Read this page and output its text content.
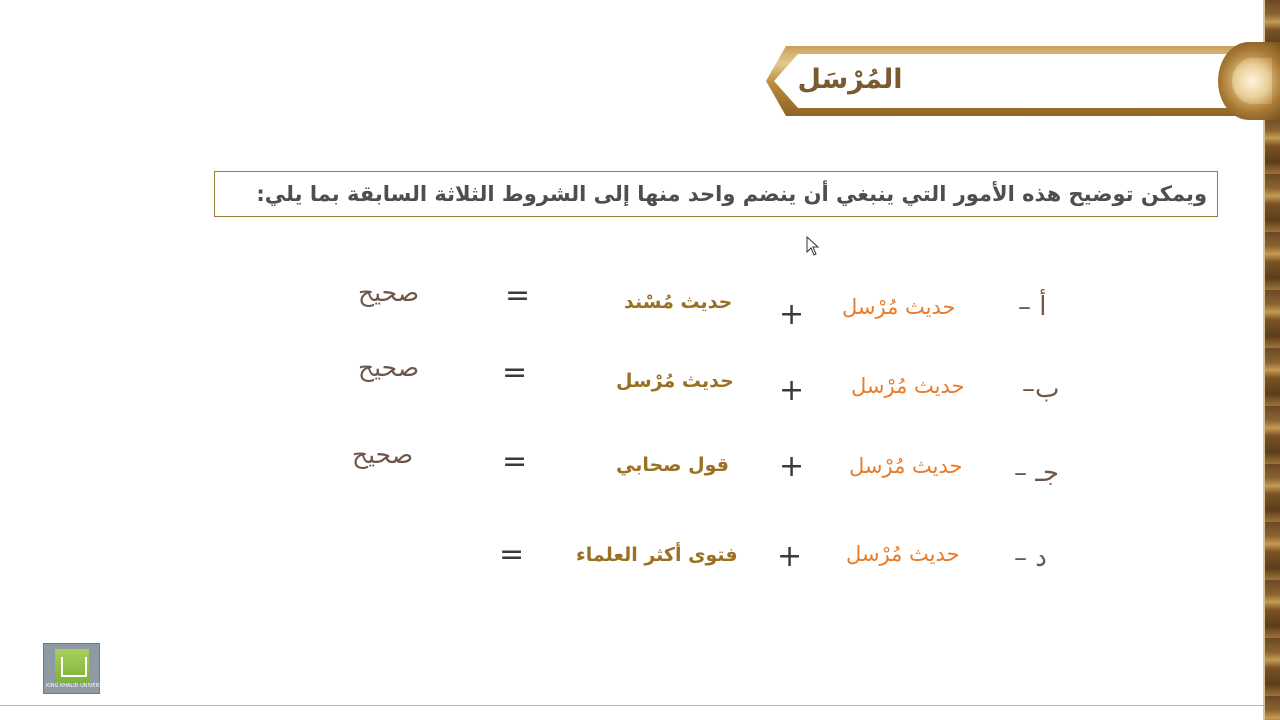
المُرْسَل
ويمكن توضيح هذه الأمور التي ينبغي أن ينضم واحد منها إلى الشروط الثلاثة السابقة بما يلي:
أ –
حديث مُرْسل
+
حديث مُسْند
=
صحيح
ب–
حديث مُرْسل
+
حديث مُرْسل
=
صحيح
جـ –
حديث مُرْسل
+
قول صحابي
=
صحيح
د –
حديث مُرْسل
+
فتوى أكثر العلماء
=
KING KHALID UNIVERSITY
